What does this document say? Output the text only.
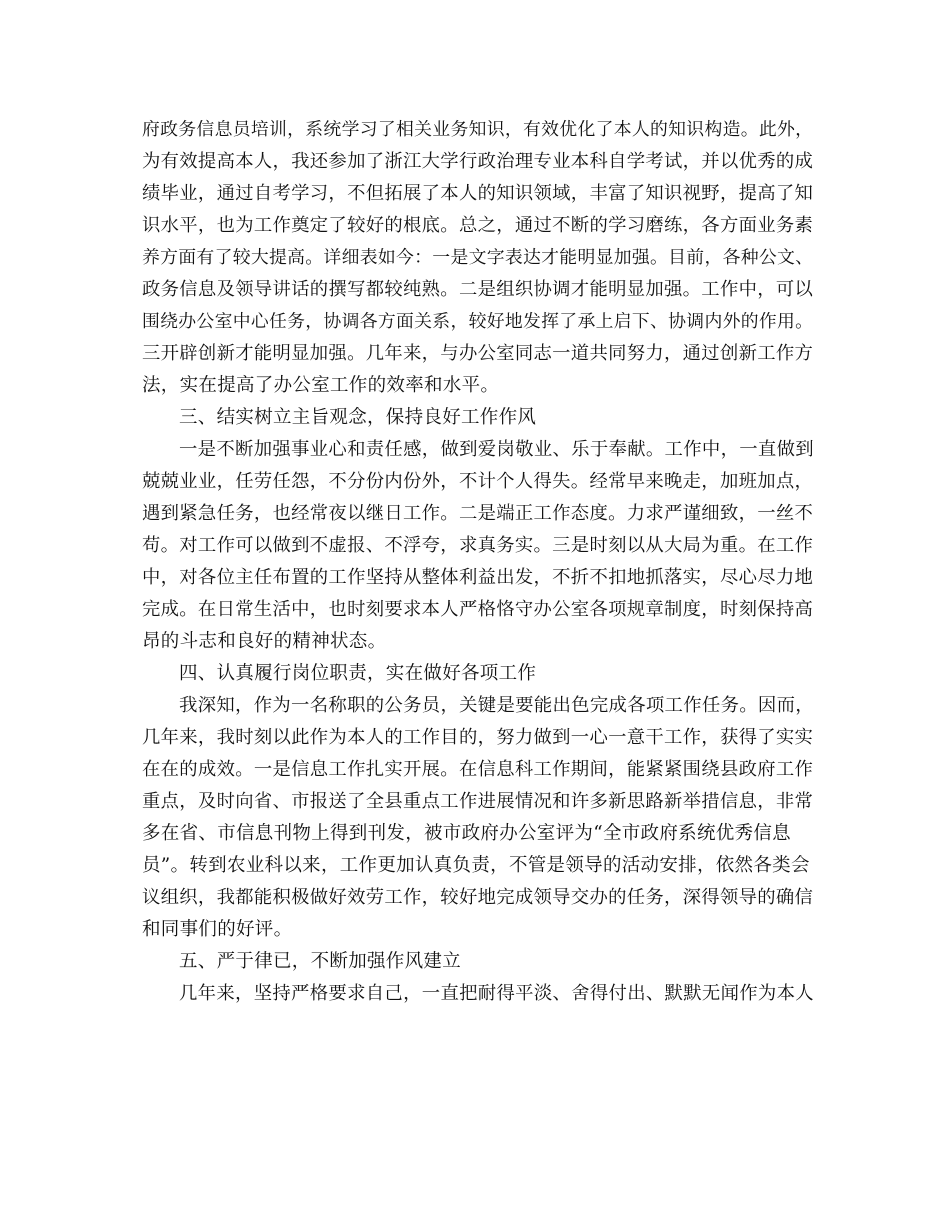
府政务信息员培训，系统学习了相关业务知识，有效优化了本人的知识构造。此外，
为有效提高本人，我还参加了浙江大学行政治理专业本科自学考试，并以优秀的成
绩毕业，通过自考学习，不但拓展了本人的知识领域，丰富了知识视野，提高了知
识水平，也为工作奠定了较好的根底。总之，通过不断的学习磨练，各方面业务素
养方面有了较大提高。详细表如今：一是文字表达才能明显加强。目前，各种公文、
政务信息及领导讲话的撰写都较纯熟。二是组织协调才能明显加强。工作中，可以
围绕办公室中心任务，协调各方面关系，较好地发挥了承上启下、协调内外的作用。
三开辟创新才能明显加强。几年来，与办公室同志一道共同努力，通过创新工作方
法，实在提高了办公室工作的效率和水平。
三、结实树立主旨观念，保持良好工作作风
一是不断加强事业心和责任感，做到爱岗敬业、乐于奉献。工作中，一直做到
兢兢业业，任劳任怨，不分份内份外，不计个人得失。经常早来晚走，加班加点，
遇到紧急任务，也经常夜以继日工作。二是端正工作态度。力求严谨细致，一丝不
苟。对工作可以做到不虚报、不浮夸，求真务实。三是时刻以从大局为重。在工作
中，对各位主任布置的工作坚持从整体利益出发，不折不扣地抓落实，尽心尽力地
完成。在日常生活中，也时刻要求本人严格恪守办公室各项规章制度，时刻保持高
昂的斗志和良好的精神状态。
四、认真履行岗位职责，实在做好各项工作
我深知，作为一名称职的公务员，关键是要能出色完成各项工作任务。因而，
几年来，我时刻以此作为本人的工作目的，努力做到一心一意干工作，获得了实实
在在的成效。一是信息工作扎实开展。在信息科工作期间，能紧紧围绕县政府工作
重点，及时向省、市报送了全县重点工作进展情况和许多新思路新举措信息，非常
多在省、市信息刊物上得到刊发，被市政府办公室评为“全市政府系统优秀信息
员”。转到农业科以来，工作更加认真负责，不管是领导的活动安排，依然各类会
议组织，我都能积极做好效劳工作，较好地完成领导交办的任务，深得领导的确信
和同事们的好评。
五、严于律已，不断加强作风建立
几年来，坚持严格要求自己，一直把耐得平淡、舍得付出、默默无闻作为本人
